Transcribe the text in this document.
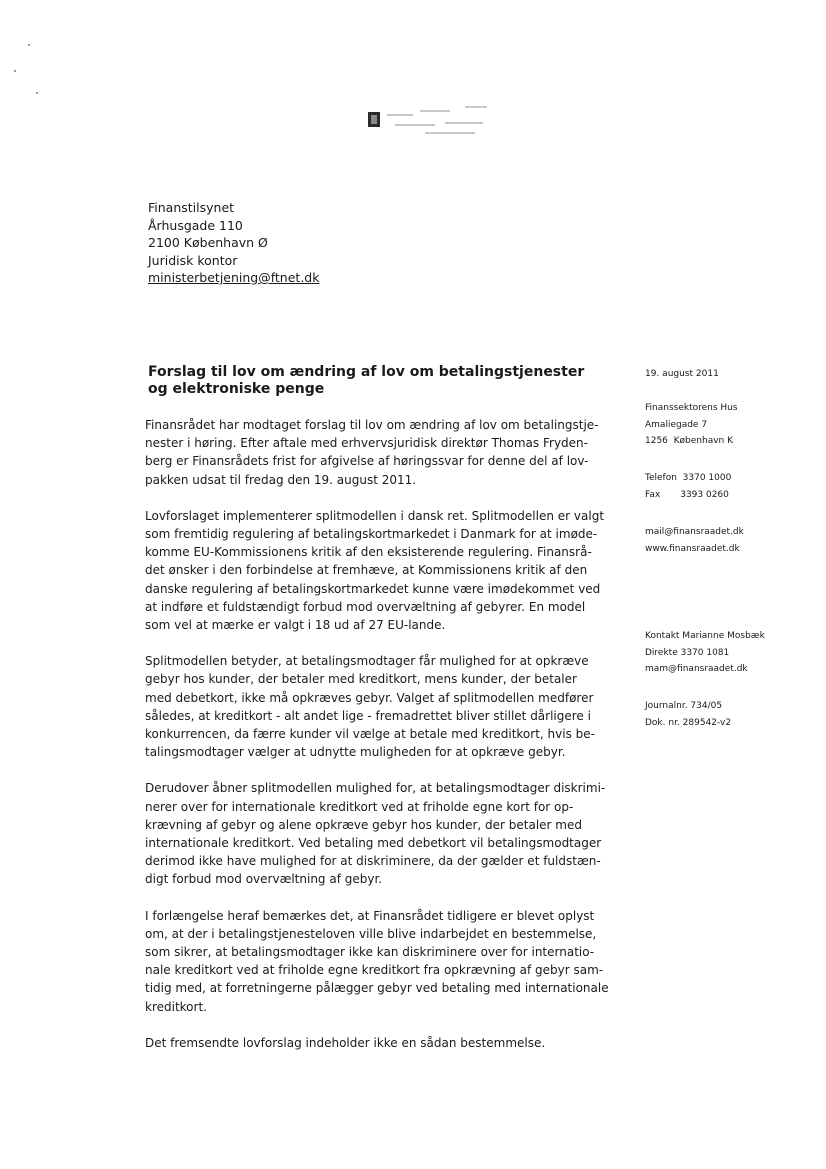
Finanstilsynet
Århusgade 110
2100 København Ø
Juridisk kontor
ministerbetjening@ftnet.dk
Forslag til lov om ændring af lov om betalingstjenester og elektroniske penge

Finansrådet har modtaget forslag til lov om ændring af lov om betalingstje-
nester i høring. Efter aftale med erhvervsjuridisk direktør Thomas Fryden-
berg er Finansrådets frist for afgivelse af høringssvar for denne del af lov-
pakken udsat til fredag den 19. august 2011.

Lovforslaget implementerer splitmodellen i dansk ret. Splitmodellen er valgt
som fremtidig regulering af betalingskortmarkedet i Danmark for at imøde-
komme EU-Kommissionens kritik af den eksisterende regulering. Finansrå-
det ønsker i den forbindelse at fremhæve, at Kommissionens kritik af den
danske regulering af betalingskortmarkedet kunne være imødekommet ved
at indføre et fuldstændigt forbud mod overvæltning af gebyrer. En model
som vel at mærke er valgt i 18 ud af 27 EU-lande.

Splitmodellen betyder, at betalingsmodtager får mulighed for at opkræve
gebyr hos kunder, der betaler med kreditkort, mens kunder, der betaler
med debetkort, ikke må opkræves gebyr. Valget af splitmodellen medfører
således, at kreditkort - alt andet lige - fremadrettet bliver stillet dårligere i
konkurrencen, da færre kunder vil vælge at betale med kreditkort, hvis be-
talingsmodtager vælger at udnytte muligheden for at opkræve gebyr.

Derudover åbner splitmodellen mulighed for, at betalingsmodtager diskrimi-
nerer over for internationale kreditkort ved at friholde egne kort for op-
krævning af gebyr og alene opkræve gebyr hos kunder, der betaler med
internationale kreditkort. Ved betaling med debetkort vil betalingsmodtager
derimod ikke have mulighed for at diskriminere, da der gælder et fuldstæn-
digt forbud mod overvæltning af gebyr.

I forlængelse heraf bemærkes det, at Finansrådet tidligere er blevet oplyst
om, at der i betalingstjenesteloven ville blive indarbejdet en bestemmelse,
som sikrer, at betalingsmodtager ikke kan diskriminere over for internatio-
nale kreditkort ved at friholde egne kreditkort fra opkrævning af gebyr sam-
tidig med, at forretningerne pålægger gebyr ved betaling med internationale
kreditkort.

Det fremsendte lovforslag indeholder ikke en sådan bestemmelse.

19. august 2011
Finanssektorens Hus
Amaliegade 7
1256  København K
Telefon  3370 1000
Fax       3393 0260
mail@finansraadet.dk
www.finansraadet.dk
Kontakt Marianne Mosbæk
Direkte 3370 1081
mam@finansraadet.dk
Journalnr. 734/05
Dok. nr. 289542-v2
